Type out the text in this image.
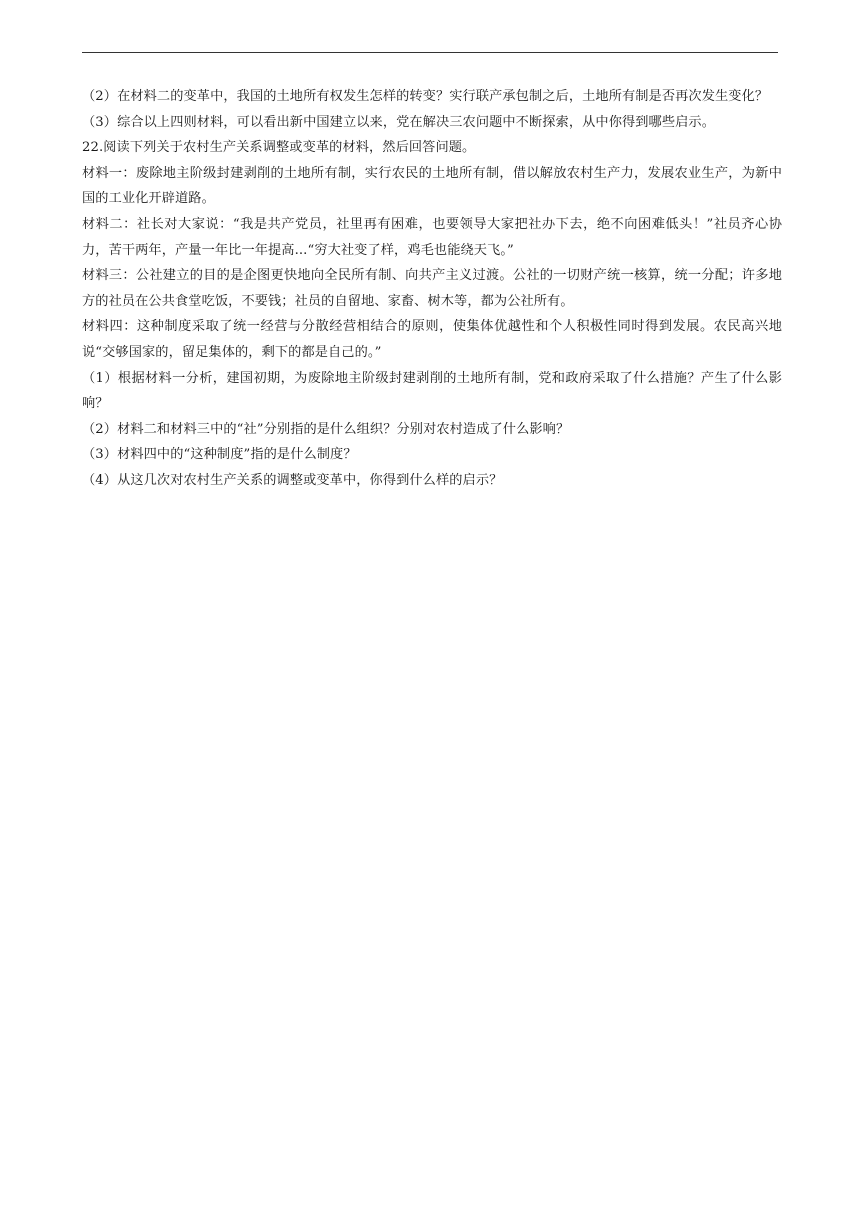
（2）在材料二的变革中，我国的土地所有权发生怎样的转变？实行联产承包制之后，土地所有制是否再次发生变化？

（3）综合以上四则材料，可以看出新中国建立以来，党在解决三农问题中不断探索，从中你得到哪些启示。

22.阅读下列关于农村生产关系调整或变革的材料，然后回答问题。

材料一：废除地主阶级封建剥削的土地所有制，实行农民的土地所有制，借以解放农村生产力，发展农业生产，为新中国的工业化开辟道路。

材料二：社长对大家说：“我是共产党员，社里再有困难，也要领导大家把社办下去，绝不向困难低头！”社员齐心协力，苦干两年，产量一年比一年提高...“穷大社变了样，鸡毛也能绕天飞。”

材料三：公社建立的目的是企图更快地向全民所有制、向共产主义过渡。公社的一切财产统一核算，统一分配；许多地方的社员在公共食堂吃饭，不要钱；社员的自留地、家畜、树木等，都为公社所有。

材料四：这种制度采取了统一经营与分散经营相结合的原则，使集体优越性和个人积极性同时得到发展。农民高兴地说“交够国家的，留足集体的，剩下的都是自己的。”

（1）根据材料一分析，建国初期，为废除地主阶级封建剥削的土地所有制，党和政府采取了什么措施？产生了什么影响？

（2）材料二和材料三中的“社”分别指的是什么组织？分别对农村造成了什么影响？

（3）材料四中的“这种制度”指的是什么制度？

（4）从这几次对农村生产关系的调整或变革中，你得到什么样的启示？
